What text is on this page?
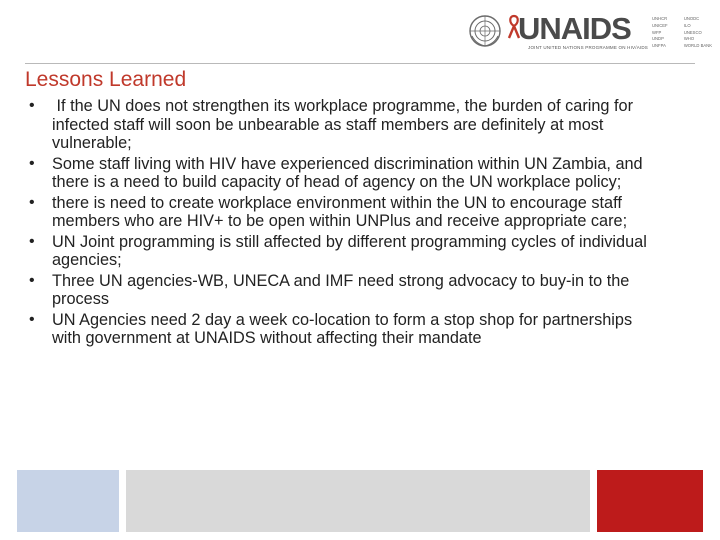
UNAIDS
JOINT UNITED NATIONS PROGRAMME ON HIV/AIDS
UNHCR	UNODC
UNICEF	ILO
WFP	UNESCO
UNDP	WHO
UNFPA	WORLD BANK
Lessons Learned
• If the UN does not strengthen its workplace programme, the burden of caring for infected staff will soon be unbearable as staff members are definitely at most vulnerable;
• Some staff living with HIV have experienced discrimination within UN Zambia, and there is a need to build capacity of head of agency on the UN workplace policy;
• there is need to create workplace environment within the UN to encourage staff members who are HIV+ to be open within UNPlus and receive appropriate care;
• UN Joint programming is still affected by different programming cycles of individual agencies;
• Three UN agencies-WB, UNECA and IMF need strong advocacy to buy-in to the process
• UN Agencies need 2 day a week co-location to form a stop shop for partnerships with government at UNAIDS without affecting their mandate
